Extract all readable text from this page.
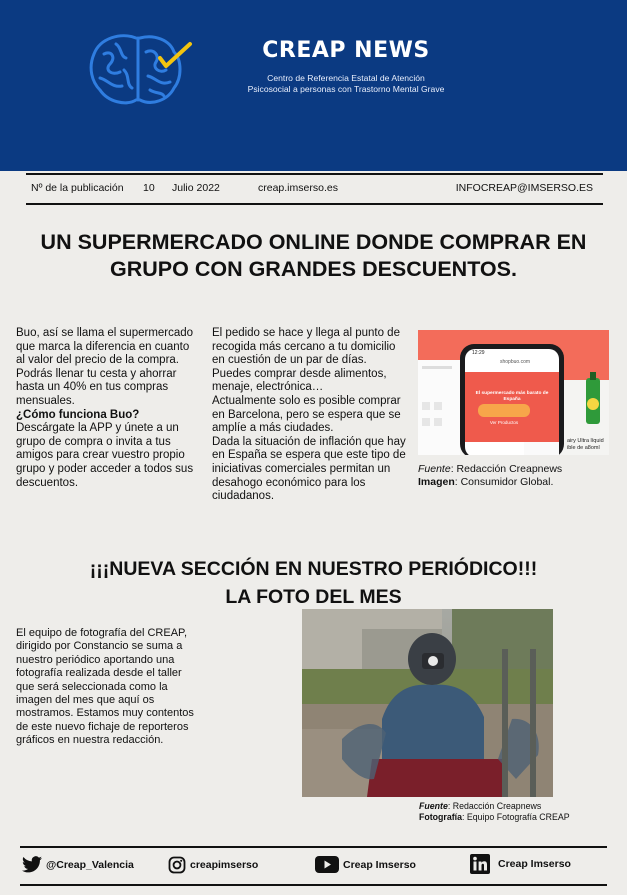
CREAP NEWS
Centro de Referencia Estatal de Atención
Psicosocial a personas con Trastorno Mental Grave
Nº de la publicación 10 Julio 2022	creap.imserso.es	INFOCREAP@IMSERSO.ES
UN SUPERMERCADO ONLINE DONDE COMPRAR EN
GRUPO CON GRANDES DESCUENTOS.

Buo, así se llama el supermercado que marca la diferencia en cuanto al valor del precio de la compra. Podrás llenar tu cesta y ahorrar hasta un 40% en tus compras mensuales.

¿Cómo funciona Buo?

Descárgate la APP y únete a un grupo de compra o invita a tus amigos para crear vuestro propio grupo y poder acceder a todos sus descuentos.

El pedido se hace y llega al punto de recogida más cercano a tu domicilio en cuestión de un par de días.

Puedes comprar desde alimentos, menaje, electrónica…

Actualmente solo es posible comprar en Barcelona, pero se espera que se amplíe a más ciudades.

Dada la situación de inflación que hay en España se espera que este tipo de iniciativas comerciales permitan un desahogo económico para los ciudadanos.

12:29
shopbuo.com
buo
El supermercado más barato de España
Ver Productos
airy Ultra líquid ible de a8oml
Fuente: Redacción Creapnews
Imagen: Consumidor Global.
¡¡¡NUEVA SECCIÓN EN NUESTRO PERIÓDICO!!!
LA FOTO DEL MES

El equipo de fotografía del CREAP, dirigido por Constancio se suma a nuestro periódico aportando una fotografía realizada desde el taller que será seleccionada como la imagen del mes que aquí os mostramos. Estamos muy contentos de este nuevo fichaje de reporteros gráficos en nuestra redacción.

Fuente: Redacción Creapnews
Fotografía: Equipo Fotografía CREAP
@Creap_Valencia	creapimserso	Creap Imserso	Creap Imserso
